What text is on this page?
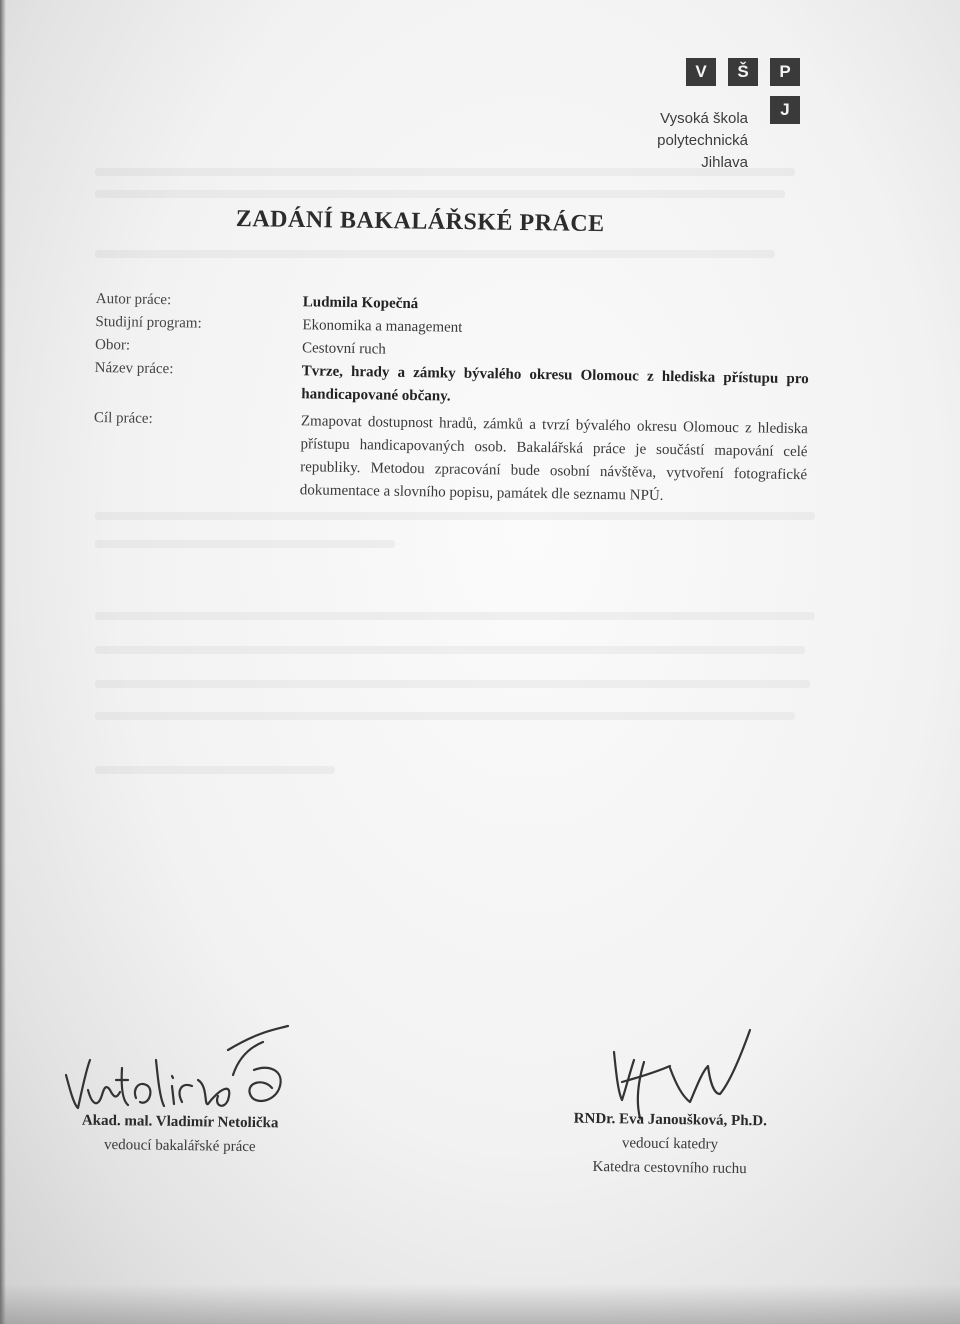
V	Š	P
J
Vysoká škola
polytechnická
Jihlava
ZADÁNÍ BAKALÁŘSKÉ PRÁCE
Autor práce:	Ludmila Kopečná
Studijní program:	Ekonomika a management
Obor:	Cestovní ruch
Název práce:	Tvrze, hrady a zámky bývalého okresu Olomouc z hlediska přístupu pro handicapované občany.
Cíl práce:	Zmapovat dostupnost hradů, zámků a tvrzí bývalého okresu Olomouc z hlediska přístupu handicapovaných osob. Bakalářská práce je součástí mapování celé republiky. Metodou zpracování bude osobní návštěva, vytvoření fotografické dokumentace a slovního popisu, památek dle seznamu NPÚ.
Akad. mal. Vladimír Netolička
vedoucí bakalářské práce
RNDr. Eva Janoušková, Ph.D.
vedoucí katedry
Katedra cestovního ruchu
